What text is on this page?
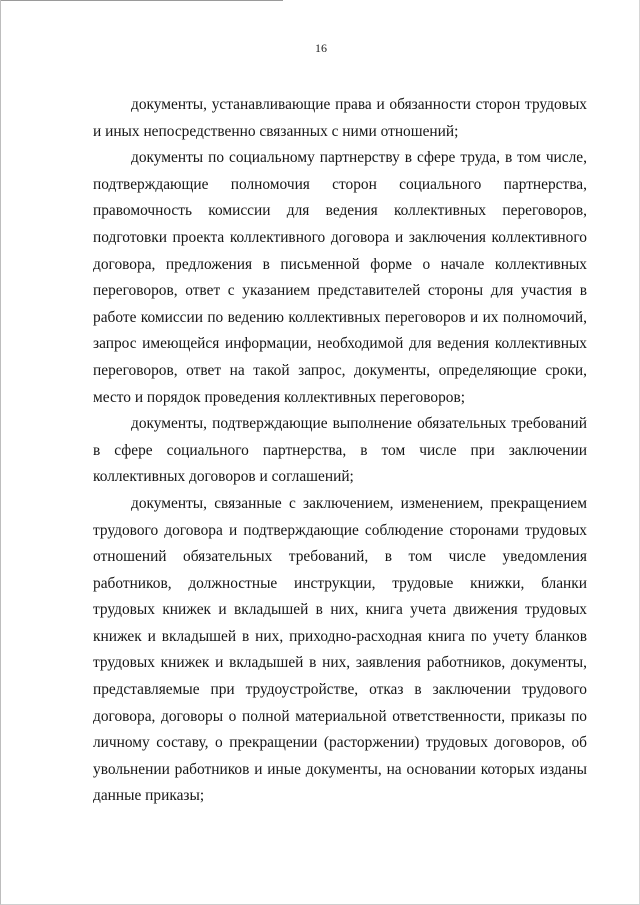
16

документы, устанавливающие права и обязанности сторон трудовых и иных непосредственно связанных с ними отношений;

документы по социальному партнерству в сфере труда, в том числе, подтверждающие полномочия сторон социального партнерства, правомочность комиссии для ведения коллективных переговоров, подготовки проекта коллективного договора и заключения коллективного договора, предложения в письменной форме о начале коллективных переговоров, ответ с указанием представителей стороны для участия в работе комиссии по ведению коллективных переговоров и их полномочий, запрос имеющейся информации, необходимой для ведения коллективных переговоров, ответ на такой запрос, документы, определяющие сроки, место и порядок проведения коллективных переговоров;

документы, подтверждающие выполнение обязательных требований в сфере социального партнерства, в том числе при заключении коллективных договоров и соглашений;

документы, связанные с заключением, изменением, прекращением трудового договора и подтверждающие соблюдение сторонами трудовых отношений обязательных требований, в том числе уведомления работников, должностные инструкции, трудовые книжки, бланки трудовых книжек и вкладышей в них, книга учета движения трудовых книжек и вкладышей в них, приходно-расходная книга по учету бланков трудовых книжек и вкладышей в них, заявления работников, документы, представляемые при трудоустройстве, отказ в заключении трудового договора, договоры о полной материальной ответственности, приказы по личному составу, о прекращении (расторжении) трудовых договоров, об увольнении работников и иные документы, на основании которых изданы данные приказы;
